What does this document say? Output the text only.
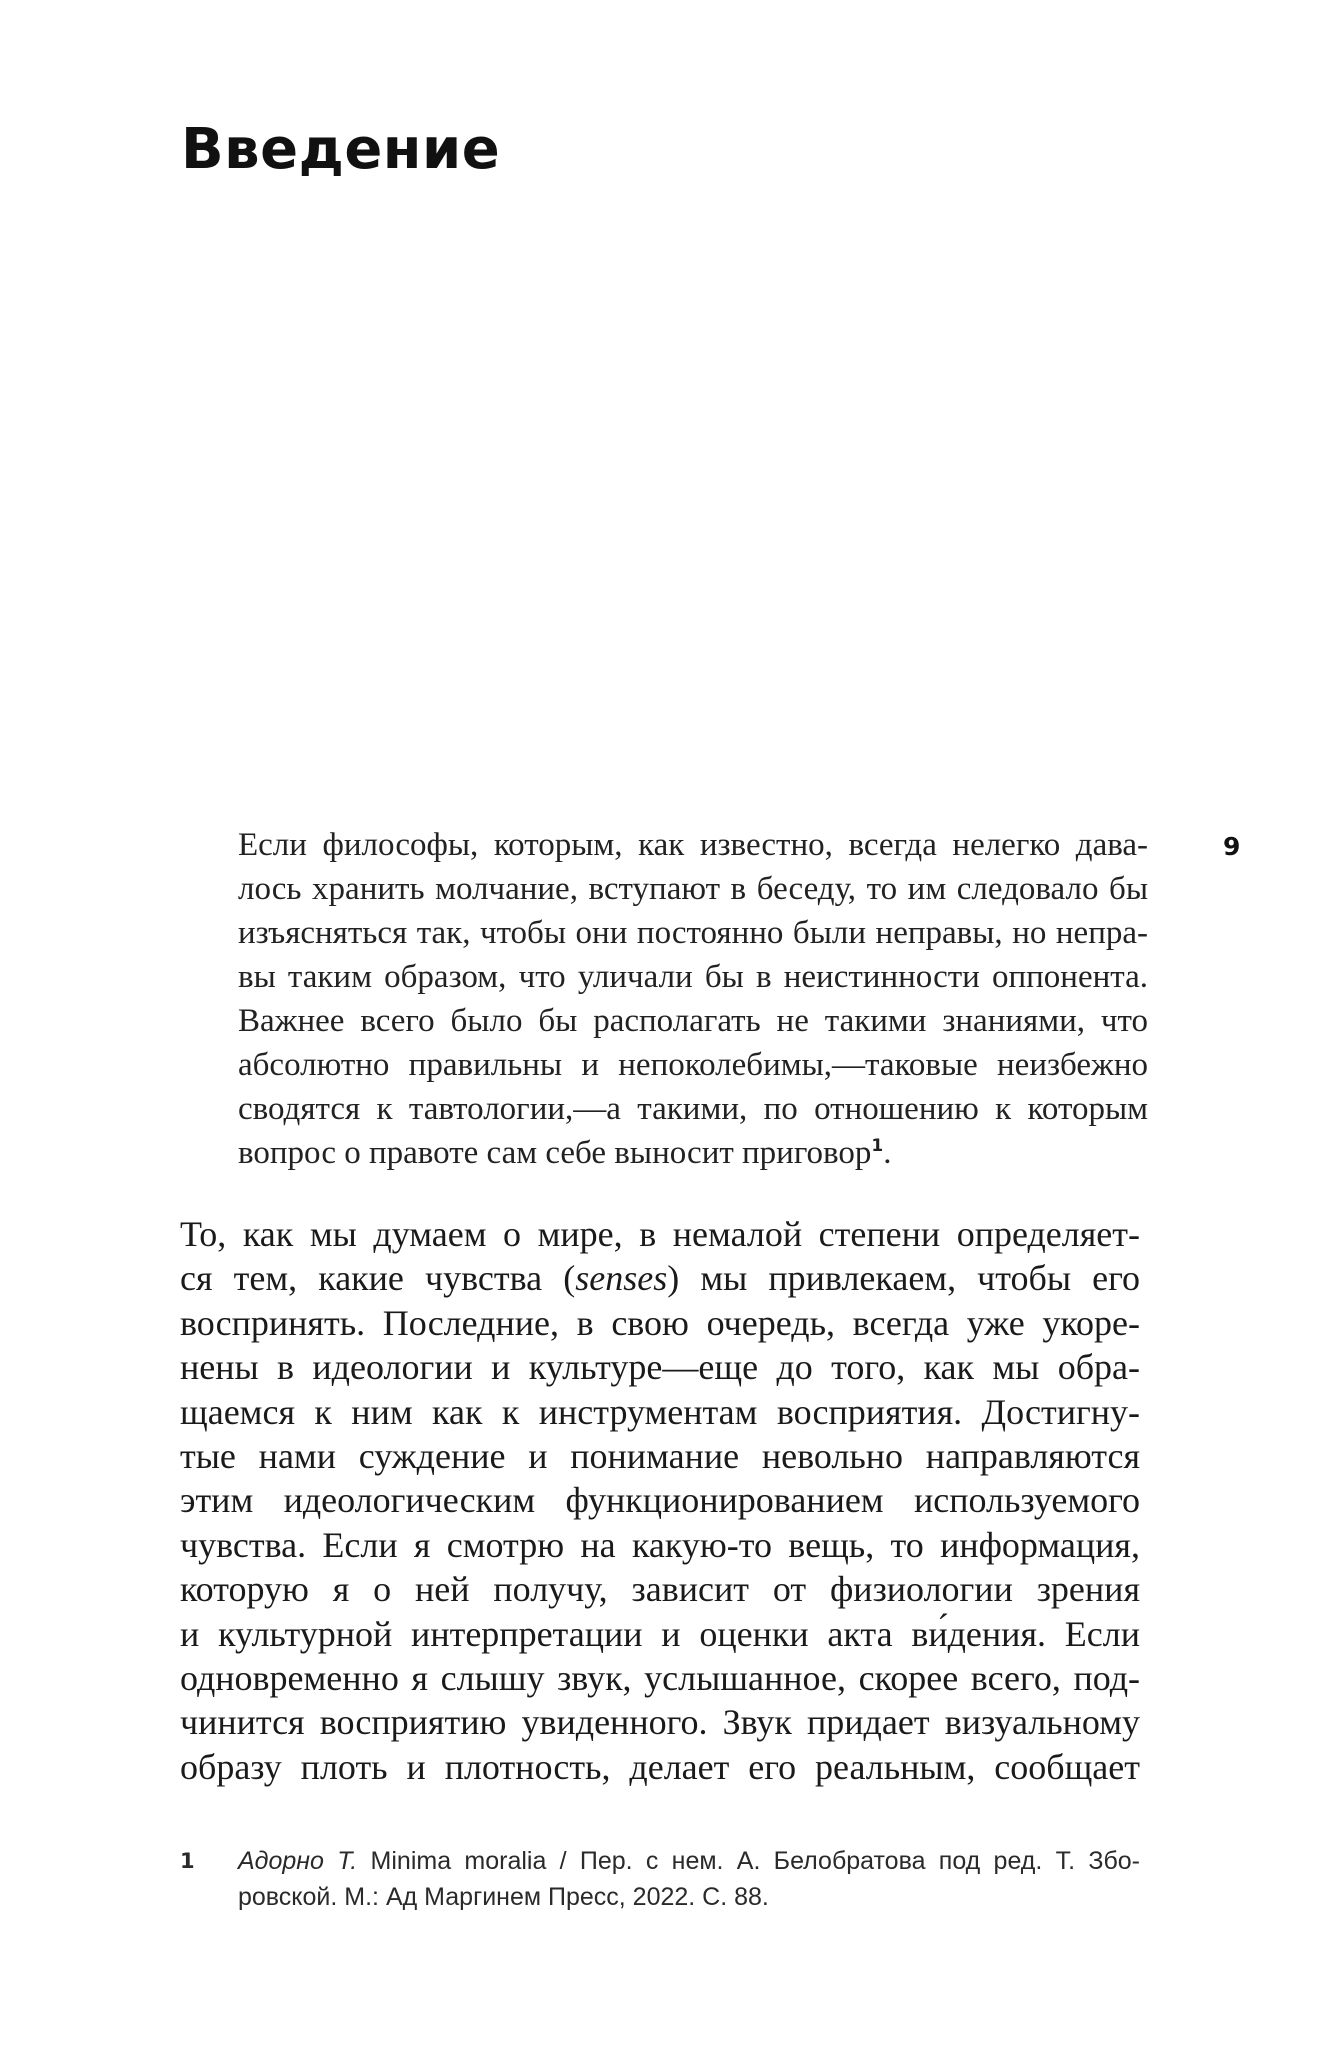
Введение
9
Если философы, которым, как известно, всегда нелегко дава-
лось хранить молчание, вступают в беседу, то им следовало бы
изъясняться так, чтобы они постоянно были неправы, но непра-
вы таким образом, что уличали бы в неистинности оппонента.
Важнее всего было бы располагать не такими знаниями, что
абсолютно правильны и непоколебимы,—таковые неизбежно
сводятся к тавтологии,—а такими, по отношению к которым
вопрос о правоте сам себе выносит приговор$^1$.
То, как мы думаем о мире, в немалой степени определяет-
ся тем, какие чувства (senses) мы привлекаем, чтобы его
воспринять. Последние, в свою очередь, всегда уже укоре-
нены в идеологии и культуре—еще до того, как мы обра-
щаемся к ним как к инструментам восприятия. Достигну-
тые нами суждение и понимание невольно направляются
этим идеологическим функционированием используемого
чувства. Если я смотрю на какую-то вещь, то информация,
которую я о ней получу, зависит от физиологии зрения
и культурной интерпретации и оценки акта ви́дения. Если
одновременно я слышу звук, услышанное, скорее всего, под-
чинится восприятию увиденного. Звук придает визуальному
образу плоть и плотность, делает его реальным, сообщает
1 Адорно Т. Minima moralia / Пер. с нем. А. Белобратова под ред. Т. Збо-
ровской. М.: Ад Маргинем Пресс, 2022. С. 88.
